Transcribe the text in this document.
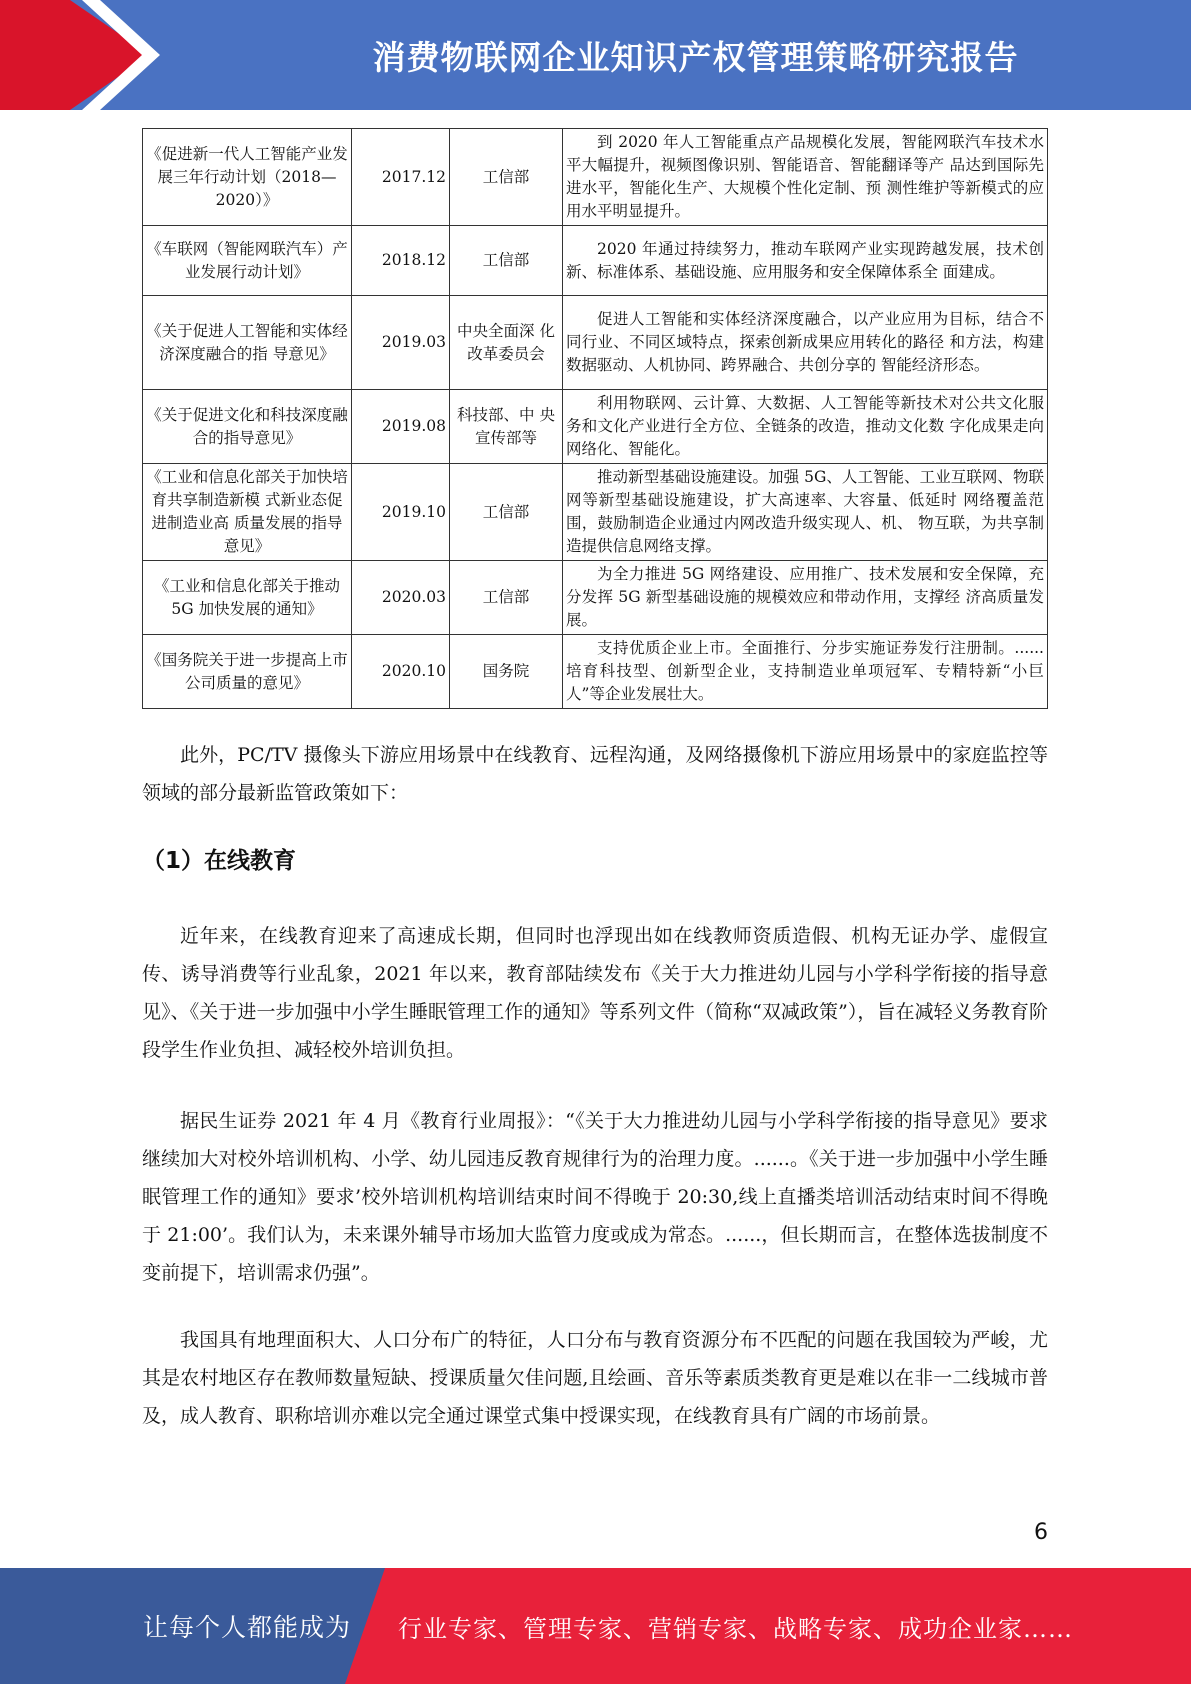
消费物联网企业知识产权管理策略研究报告
《促进新一代人工智能产业发展三年行动计划（2018—2020）》	2017.12	工信部	到 2020 年人工智能重点产品规模化发展，智能网联汽车技术水平大幅提升，视频图像识别、智能语音、智能翻译等产 品达到国际先进水平，智能化生产、大规模个性化定制、预 测性维护等新模式的应用水平明显提升。
《车联网（智能网联汽车）产业发展行动计划》	2018.12	工信部	2020 年通过持续努力，推动车联网产业实现跨越发展，技术创新、标准体系、基础设施、应用服务和安全保障体系全 面建成。
《关于促进人工智能和实体经济深度融合的指 导意见》	2019.03	中央全面深 化改革委员会	促进人工智能和实体经济深度融合，以产业应用为目标，结合不同行业、不同区域特点，探索创新成果应用转化的路径 和方法，构建数据驱动、人机协同、跨界融合、共创分享的 智能经济形态。
《关于促进文化和科技深度融合的指导意见》	2019.08	科技部、中 央宣传部等	利用物联网、云计算、大数据、人工智能等新技术对公共文化服务和文化产业进行全方位、全链条的改造，推动文化数 字化成果走向网络化、智能化。
《工业和信息化部关于加快培育共享制造新模 式新业态促进制造业高 质量发展的指导意见》	2019.10	工信部	推动新型基础设施建设。加强 5G、人工智能、工业互联网、物联网等新型基础设施建设，扩大高速率、大容量、低延时 网络覆盖范围，鼓励制造企业通过内网改造升级实现人、机、 物互联，为共享制造提供信息网络支撑。
《工业和信息化部关于推动 5G 加快发展的通知》	2020.03	工信部	为全力推进 5G 网络建设、应用推广、技术发展和安全保障，充分发挥 5G 新型基础设施的规模效应和带动作用，支撑经 济高质量发展。
《国务院关于进一步提高上市公司质量的意见》	2020.10	国务院	支持优质企业上市。全面推行、分步实施证券发行注册制。......培育科技型、创新型企业，支持制造业单项冠军、专精特新“小巨人”等企业发展壮大。
此外，PC/TV 摄像头下游应用场景中在线教育、远程沟通，及网络摄像机下游应用场景中的家庭监控等领域的部分最新监管政策如下：
（1）在线教育
近年来，在线教育迎来了高速成长期，但同时也浮现出如在线教师资质造假、机构无证办学、虚假宣传、诱导消费等行业乱象，2021 年以来，教育部陆续发布《关于大力推进幼儿园与小学科学衔接的指导意见》、《关于进一步加强中小学生睡眠管理工作的通知》等系列文件（简称“双减政策”），旨在减轻义务教育阶段学生作业负担、减轻校外培训负担。
据民生证券 2021 年 4 月《教育行业周报》：“《关于大力推进幼儿园与小学科学衔接的指导意见》要求继续加大对校外培训机构、小学、幼儿园违反教育规律行为的治理力度。......。《关于进一步加强中小学生睡眠管理工作的通知》要求’校外培训机构培训结束时间不得晚于 20:30,线上直播类培训活动结束时间不得晚于 21:00’。我们认为，未来课外辅导市场加大监管力度或成为常态。......，但长期而言，在整体选拔制度不变前提下，培训需求仍强”。
我国具有地理面积大、人口分布广的特征，人口分布与教育资源分布不匹配的问题在我国较为严峻，尤其是农村地区存在教师数量短缺、授课质量欠佳问题,且绘画、音乐等素质类教育更是难以在非一二线城市普及，成人教育、职称培训亦难以完全通过课堂式集中授课实现，在线教育具有广阔的市场前景。
6
让每个人都能成为 行业专家、管理专家、营销专家、战略专家、成功企业家……
